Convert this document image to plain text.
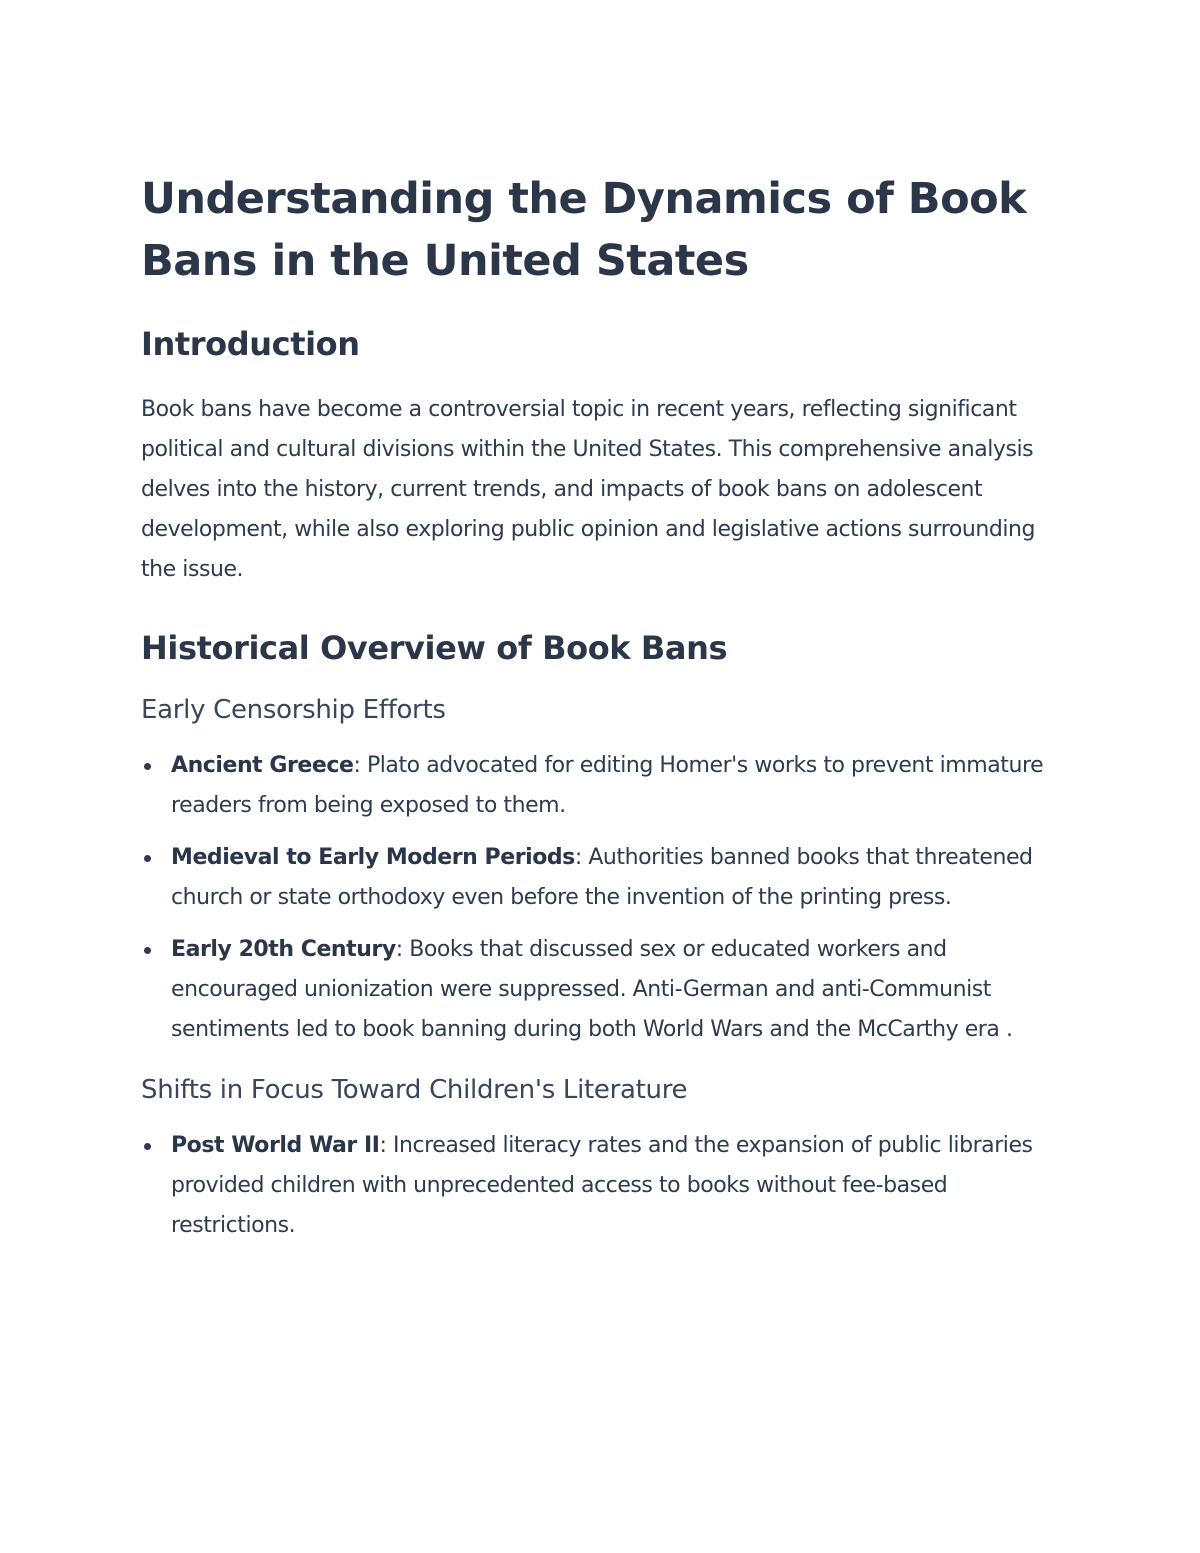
Understanding the Dynamics of Book Bans in the United States
Introduction

Book bans have become a controversial topic in recent years, reflecting significant political and cultural divisions within the United States. This comprehensive analysis delves into the history, current trends, and impacts of book bans on adolescent development, while also exploring public opinion and legislative actions surrounding the issue.

Historical Overview of Book Bans
Early Censorship Efforts
Ancient Greece: Plato advocated for editing Homer's works to prevent immature readers from being exposed to them.
Medieval to Early Modern Periods: Authorities banned books that threatened church or state orthodoxy even before the invention of the printing press.
Early 20th Century: Books that discussed sex or educated workers and encouraged unionization were suppressed. Anti-German and anti-Communist sentiments led to book banning during both World Wars and the McCarthy era .
Shifts in Focus Toward Children's Literature
Post World War II: Increased literacy rates and the expansion of public libraries provided children with unprecedented access to books without fee-based restrictions.
